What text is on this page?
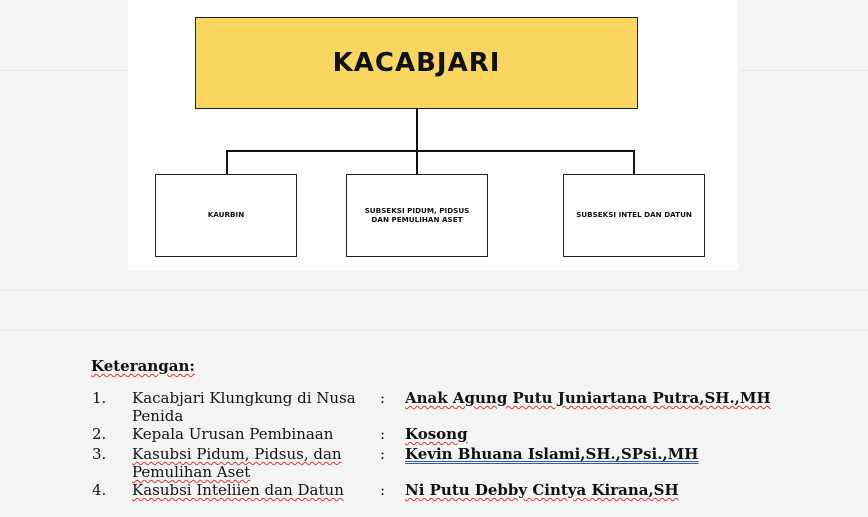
KACABJARI
KAURBIN	SUBSEKSI PIDUM, PIDSUS
DAN PEMULIHAN ASET	SUBSEKSI INTEL DAN DATUN
Keterangan:
1. Kacabjari Klungkung di Nusa
Penida
: Anak Agung Putu Juniartana Putra,SH.,MH
2. Kepala Urusan Pembinaan	: Kosong
3. Kasubsi Pidum, Pidsus, dan
Pemulihan Aset
: Kevin Bhuana Islami,SH.,SPsi.,MH
4. Kasubsi Inteliien dan Datun : Ni Putu Debby Cintya Kirana,SH
